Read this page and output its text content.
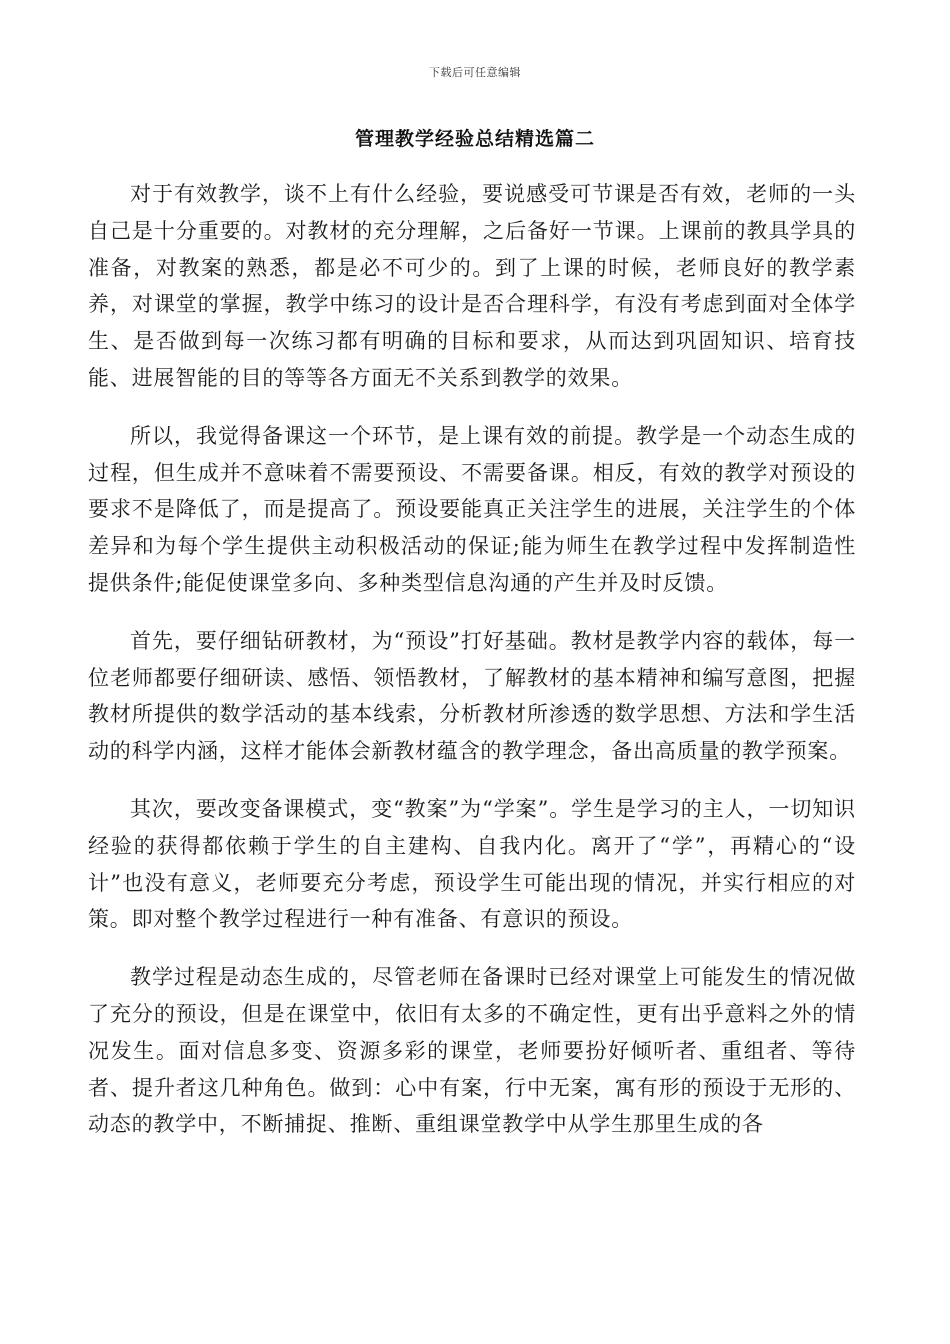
下载后可任意编辑
管理教学经验总结精选篇二

对于有效教学，谈不上有什么经验，要说感受可节课是否有效，老师的一头自己是十分重要的。对教材的充分理解，之后备好一节课。上课前的教具学具的准备，对教案的熟悉，都是必不可少的。到了上课的时候，老师良好的教学素养，对课堂的掌握，教学中练习的设计是否合理科学，有没有考虑到面对全体学生、是否做到每一次练习都有明确的目标和要求，从而达到巩固知识、培育技能、进展智能的目的等等各方面无不关系到教学的效果。

所以，我觉得备课这一个环节，是上课有效的前提。教学是一个动态生成的过程，但生成并不意味着不需要预设、不需要备课。相反，有效的教学对预设的要求不是降低了，而是提高了。预设要能真正关注学生的进展，关注学生的个体差异和为每个学生提供主动积极活动的保证;能为师生在教学过程中发挥制造性提供条件;能促使课堂多向、多种类型信息沟通的产生并及时反馈。

首先，要仔细钻研教材，为“预设”打好基础。教材是教学内容的载体，每一位老师都要仔细研读、感悟、领悟教材，了解教材的基本精神和编写意图，把握教材所提供的数学活动的基本线索，分析教材所渗透的数学思想、方法和学生活动的科学内涵，这样才能体会新教材蕴含的教学理念，备出高质量的教学预案。

其次，要改变备课模式，变“教案”为“学案”。学生是学习的主人，一切知识经验的获得都依赖于学生的自主建构、自我内化。离开了“学”，再精心的“设计”也没有意义，老师要充分考虑，预设学生可能出现的情况，并实行相应的对策。即对整个教学过程进行一种有准备、有意识的预设。

教学过程是动态生成的，尽管老师在备课时已经对课堂上可能发生的情况做了充分的预设，但是在课堂中，依旧有太多的不确定性，更有出乎意料之外的情况发生。面对信息多变、资源多彩的课堂，老师要扮好倾听者、重组者、等待者、提升者这几种角色。做到：心中有案，行中无案，寓有形的预设于无形的、动态的教学中，不断捕捉、推断、重组课堂教学中从学生那里生成的各
